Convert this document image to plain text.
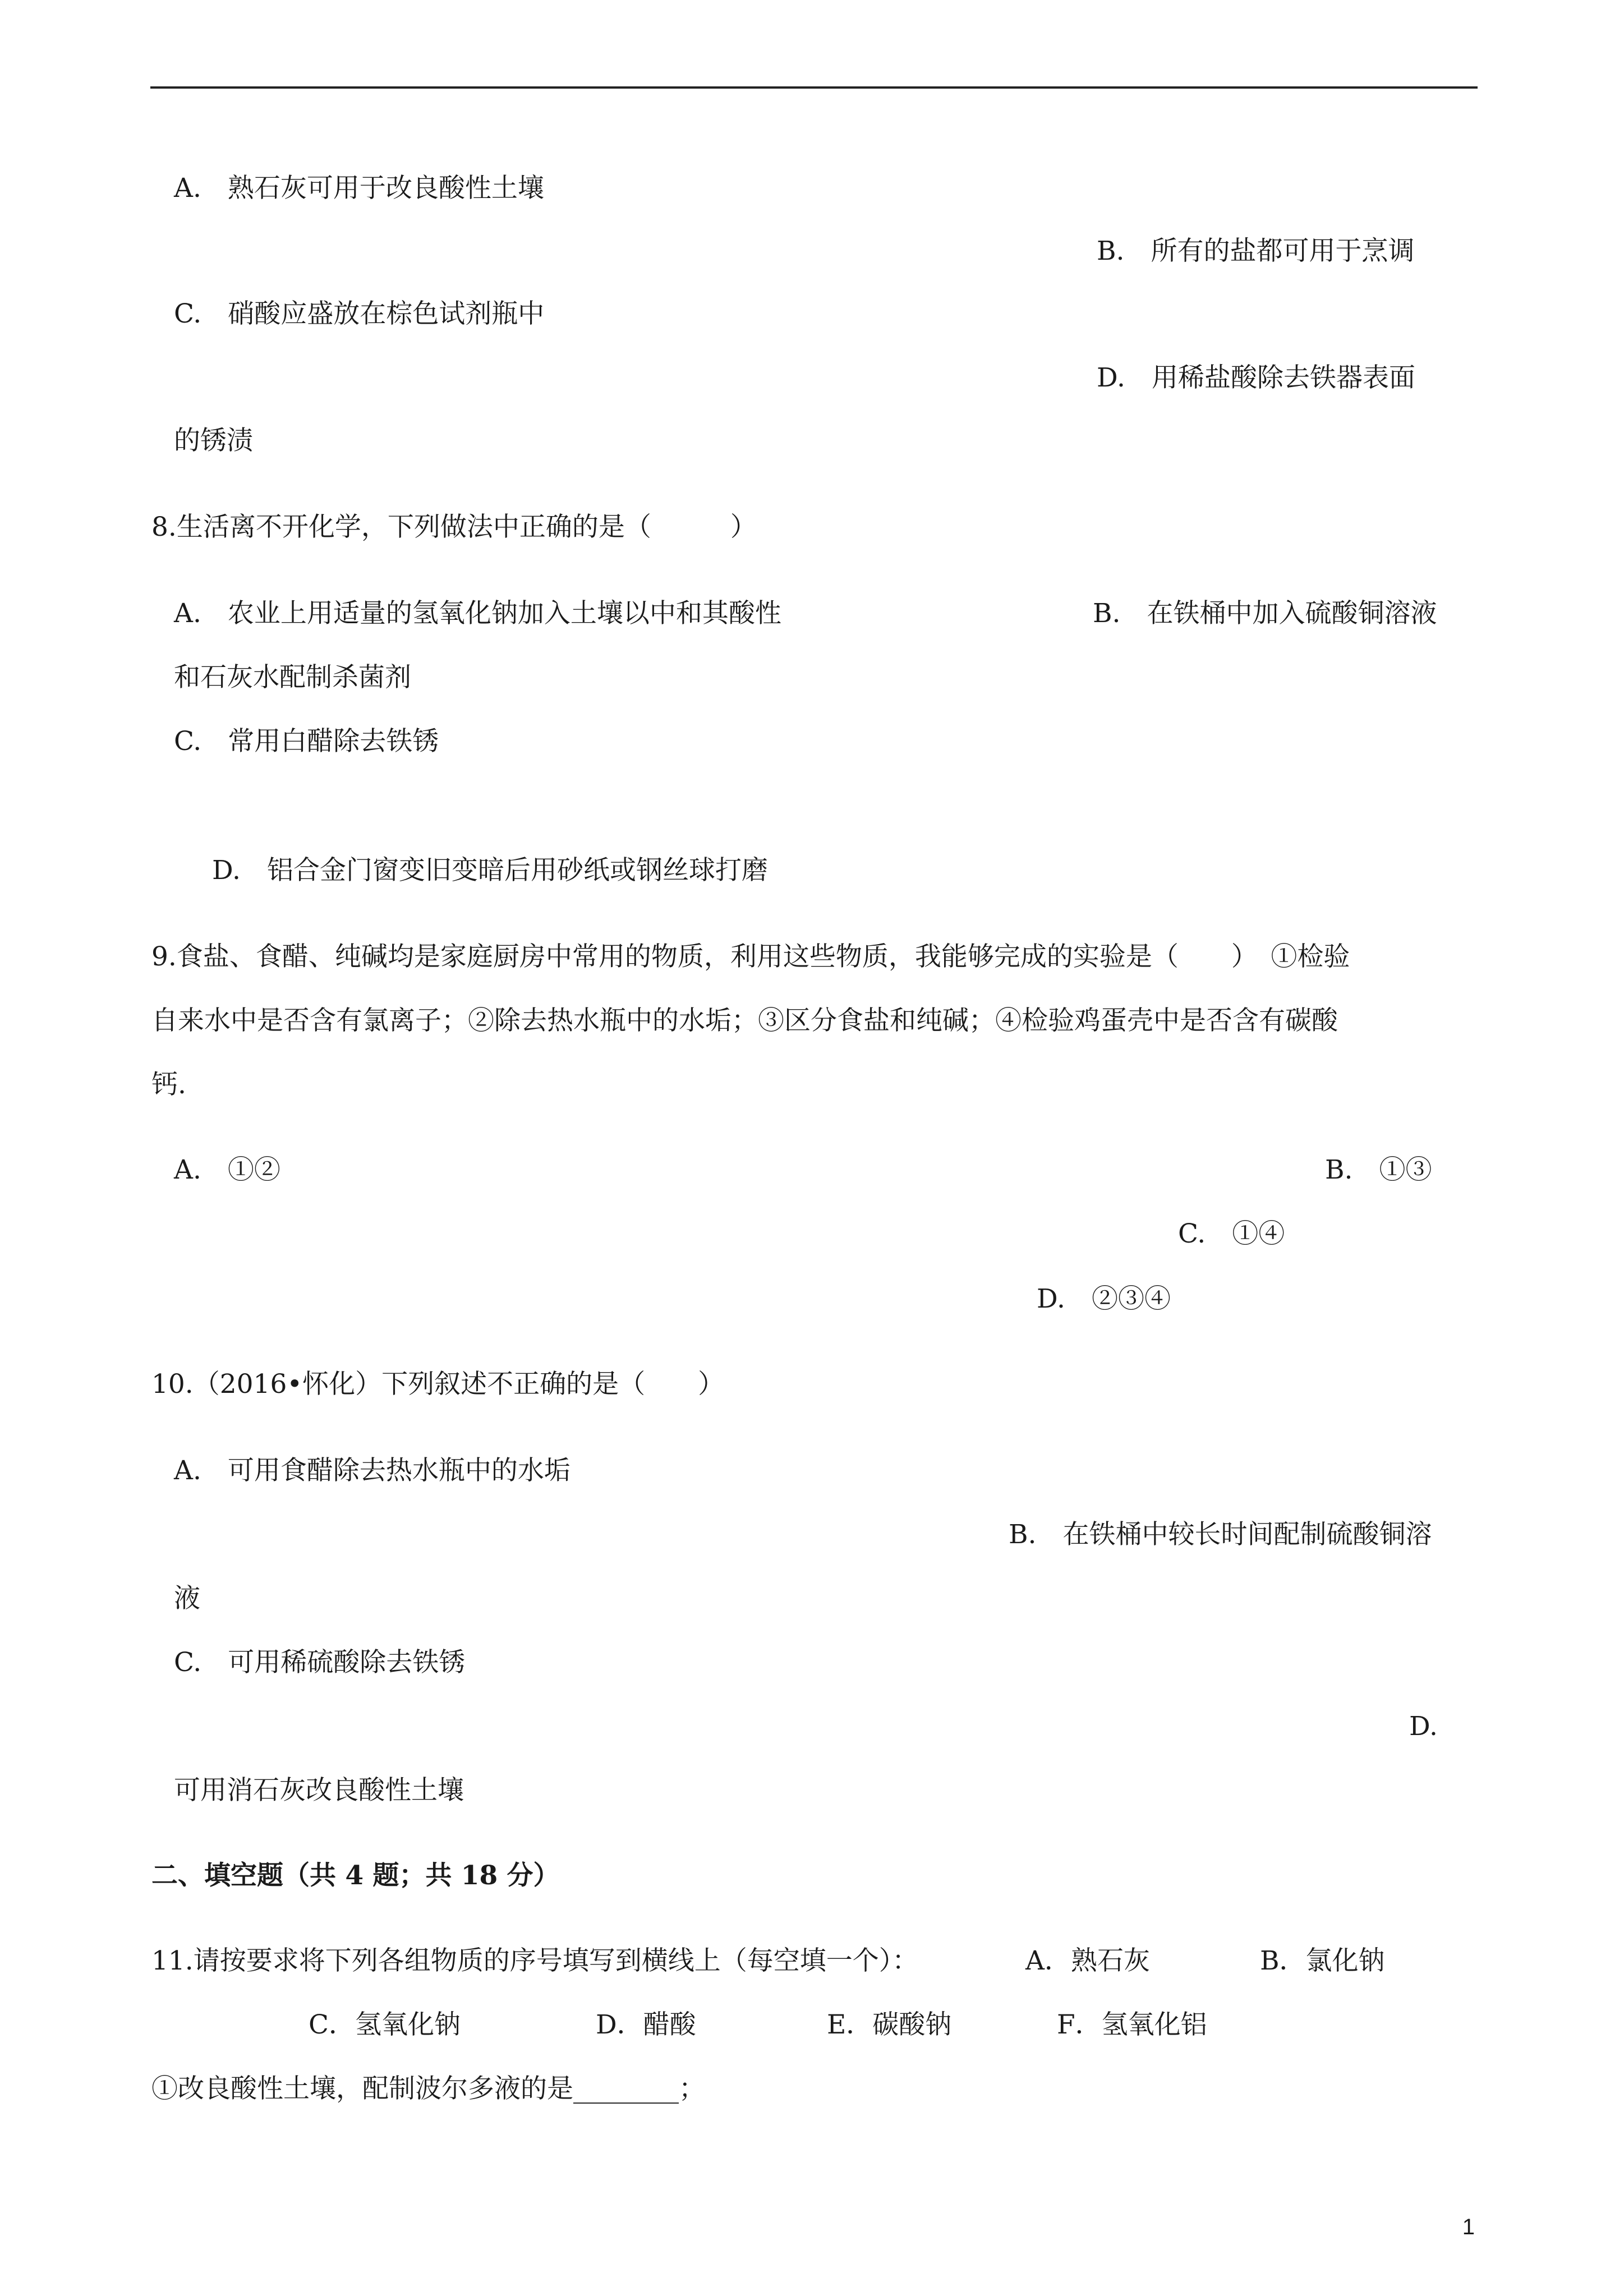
A.　熟石灰可用于改良酸性土壤
B.　所有的盐都可用于烹调
C.　硝酸应盛放在棕色试剂瓶中
D.　用稀盐酸除去铁器表面
的锈渍
8.生活离不开化学，下列做法中正确的是（　　　）
A.　农业上用适量的氢氧化钠加入土壤以中和其酸性	B.　在铁桶中加入硫酸铜溶液
和石灰水配制杀菌剂
C.　常用白醋除去铁锈
D.　铝合金门窗变旧变暗后用砂纸或钢丝球打磨
9.食盐、食醋、纯碱均是家庭厨房中常用的物质，利用这些物质，我能够完成的实验是（　　）　①检验
自来水中是否含有氯离子；②除去热水瓶中的水垢；③区分食盐和纯碱；④检验鸡蛋壳中是否含有碳酸
钙.
A.　①②	B.　①③
C.　①④
D.　②③④
10.（2016•怀化）下列叙述不正确的是（　　）
A.　可用食醋除去热水瓶中的水垢
B.　在铁桶中较长时间配制硫酸铜溶
液
C.　可用稀硫酸除去铁锈
D.
可用消石灰改良酸性土壤
二、填空题（共 4 题；共 18 分）
11.请按要求将下列各组物质的序号填写到横线上（每空填一个）：	A．熟石灰	B．氯化钠
C．氢氧化钠	D．醋酸	E．碳酸钠	F．氢氧化铝
①改良酸性土壤，配制波尔多液的是________；
1
